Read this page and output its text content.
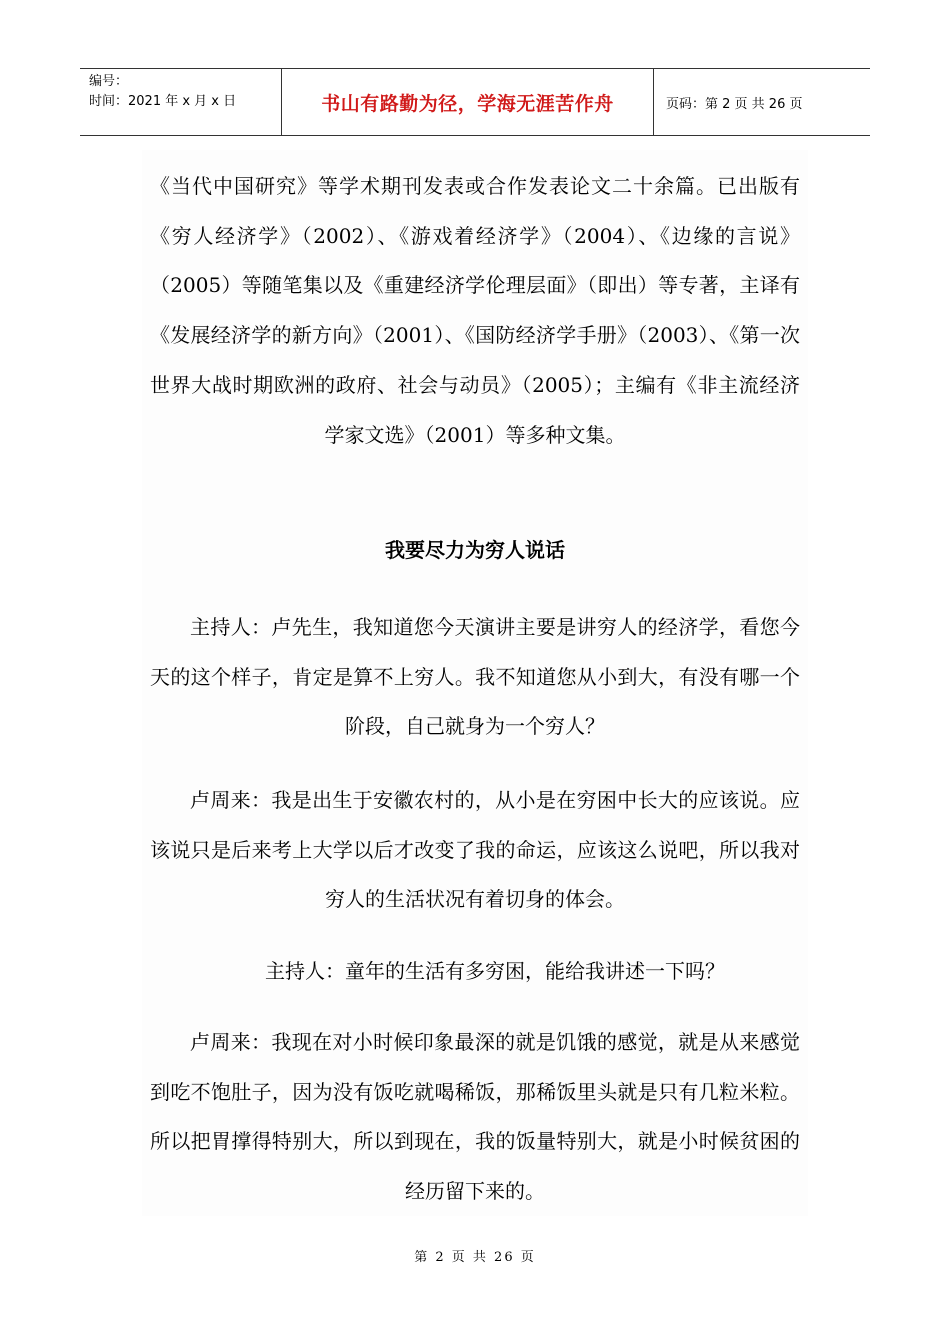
编号：
时间：2021 年 x 月 x 日	书山有路勤为径，学海无涯苦作舟	页码：第 2 页 共 26 页

《当代中国研究》等学术期刊发表或合作发表论文二十余篇。已出版有《穷人经济学》（2002）、《游戏着经济学》（2004）、《边缘的言说》（2005）等随笔集以及《重建经济学伦理层面》（即出）等专著，主译有《发展经济学的新方向》（2001）、《国防经济学手册》（2003）、《第一次世界大战时期欧洲的政府、社会与动员》（2005）；主编有《非主流经济学家文选》（2001）等多种文集。

我要尽力为穷人说话

主持人：卢先生，我知道您今天演讲主要是讲穷人的经济学，看您今天的这个样子，肯定是算不上穷人。我不知道您从小到大，有没有哪一个阶段，自己就身为一个穷人？

卢周来：我是出生于安徽农村的，从小是在穷困中长大的应该说。应该说只是后来考上大学以后才改变了我的命运，应该这么说吧，所以我对穷人的生活状况有着切身的体会。

主持人：童年的生活有多穷困，能给我讲述一下吗？

卢周来：我现在对小时候印象最深的就是饥饿的感觉，就是从来感觉到吃不饱肚子，因为没有饭吃就喝稀饭，那稀饭里头就是只有几粒米粒。所以把胃撑得特别大，所以到现在，我的饭量特别大，就是小时候贫困的经历留下来的。

第 2 页 共 26 页
